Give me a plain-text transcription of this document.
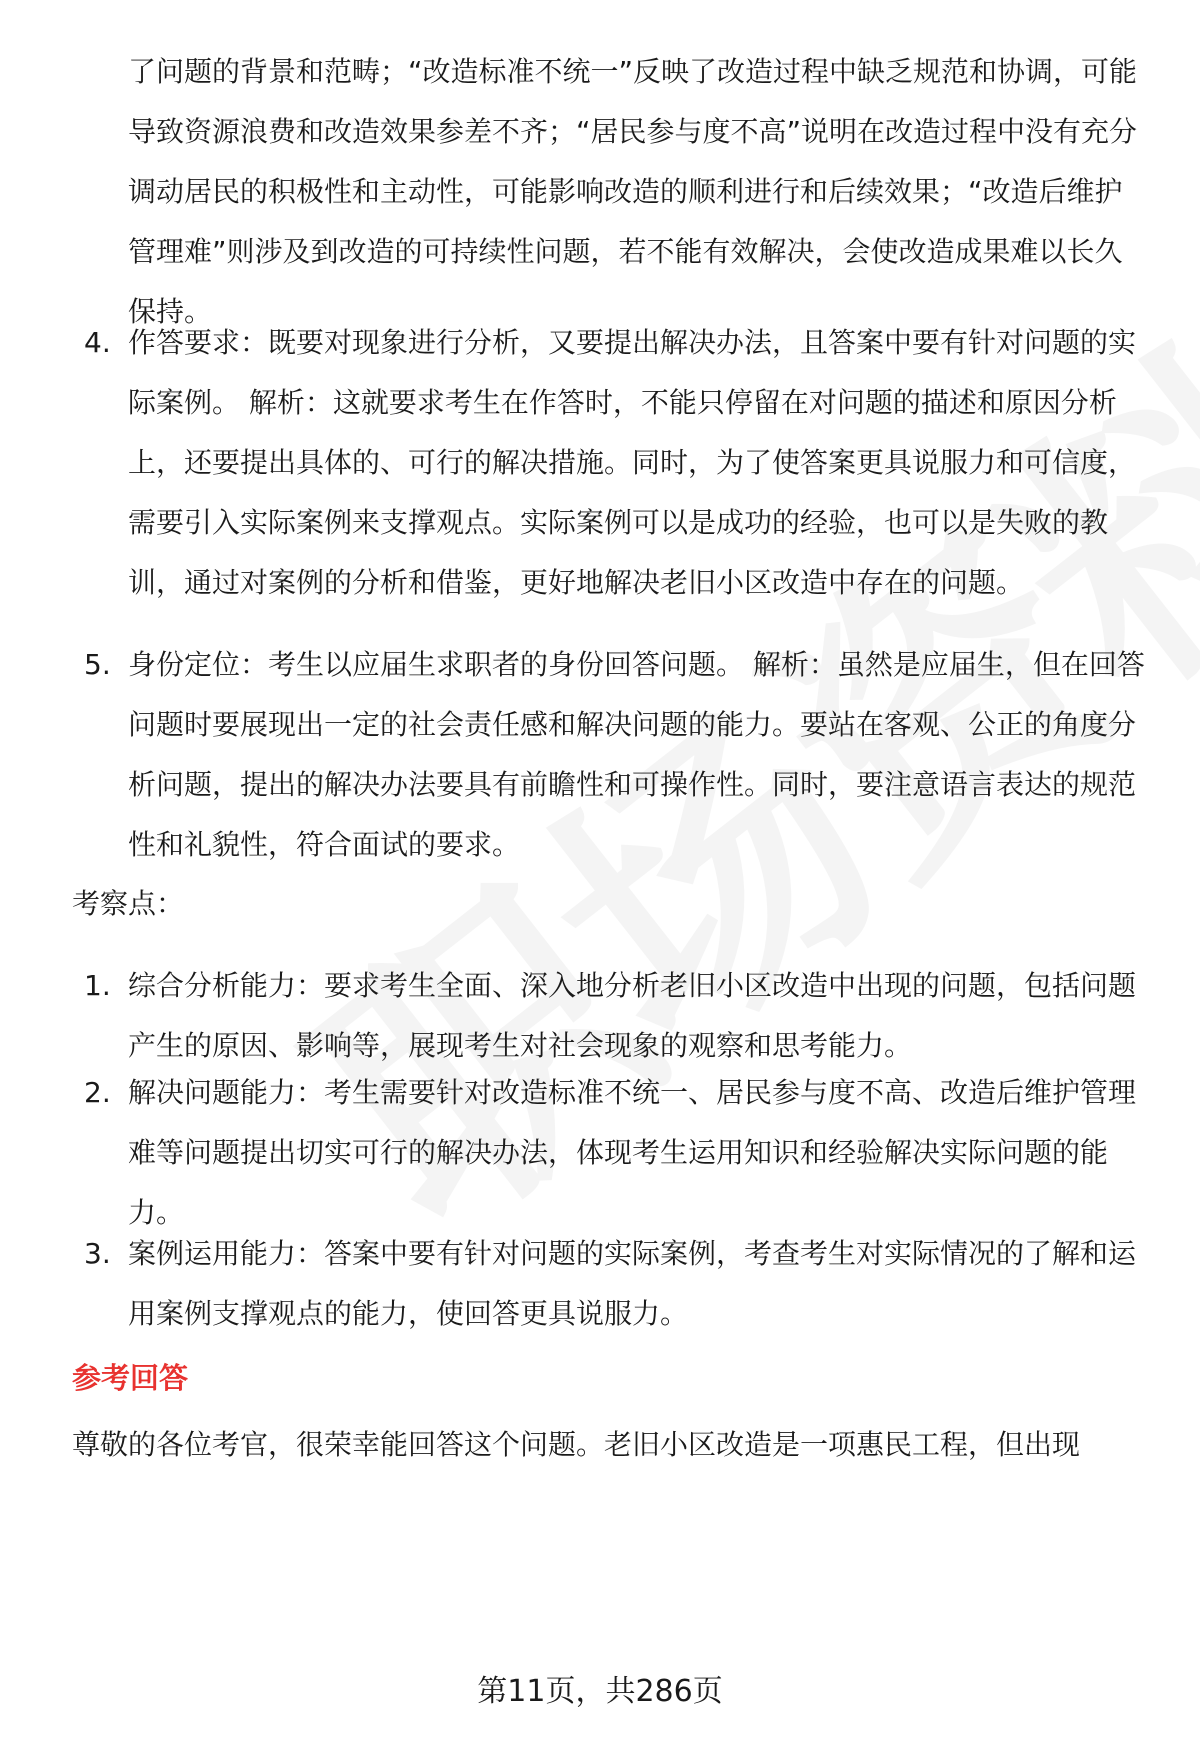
了问题的背景和范畴；“改造标准不统一”反映了改造过程中缺乏规范和协调，可能导致资源浪费和改造效果参差不齐；“居民参与度不高”说明在改造过程中没有充分调动居民的积极性和主动性，可能影响改造的顺利进行和后续效果；“改造后维护管理难”则涉及到改造的可持续性问题，若不能有效解决，会使改造成果难以长久保持。

4. 作答要求：既要对现象进行分析，又要提出解决办法，且答案中要有针对问题的实际案例。 解析：这就要求考生在作答时，不能只停留在对问题的描述和原因分析上，还要提出具体的、可行的解决措施。同时，为了使答案更具说服力和可信度，需要引入实际案例来支撑观点。实际案例可以是成功的经验，也可以是失败的教训，通过对案例的分析和借鉴，更好地解决老旧小区改造中存在的问题。

5. 身份定位：考生以应届生求职者的身份回答问题。 解析：虽然是应届生，但在回答问题时要展现出一定的社会责任感和解决问题的能力。要站在客观、公正的角度分析问题，提出的解决办法要具有前瞻性和可操作性。同时，要注意语言表达的规范性和礼貌性，符合面试的要求。

考察点：

1. 综合分析能力：要求考生全面、深入地分析老旧小区改造中出现的问题，包括问题产生的原因、影响等，展现考生对社会现象的观察和思考能力。

2. 解决问题能力：考生需要针对改造标准不统一、居民参与度不高、改造后维护管理难等问题提出切实可行的解决办法，体现考生运用知识和经验解决实际问题的能力。

3. 案例运用能力：答案中要有针对问题的实际案例，考查考生对实际情况的了解和运用案例支撑观点的能力，使回答更具说服力。

参考回答

尊敬的各位考官，很荣幸能回答这个问题。老旧小区改造是一项惠民工程，但出现

第11页，共286页
